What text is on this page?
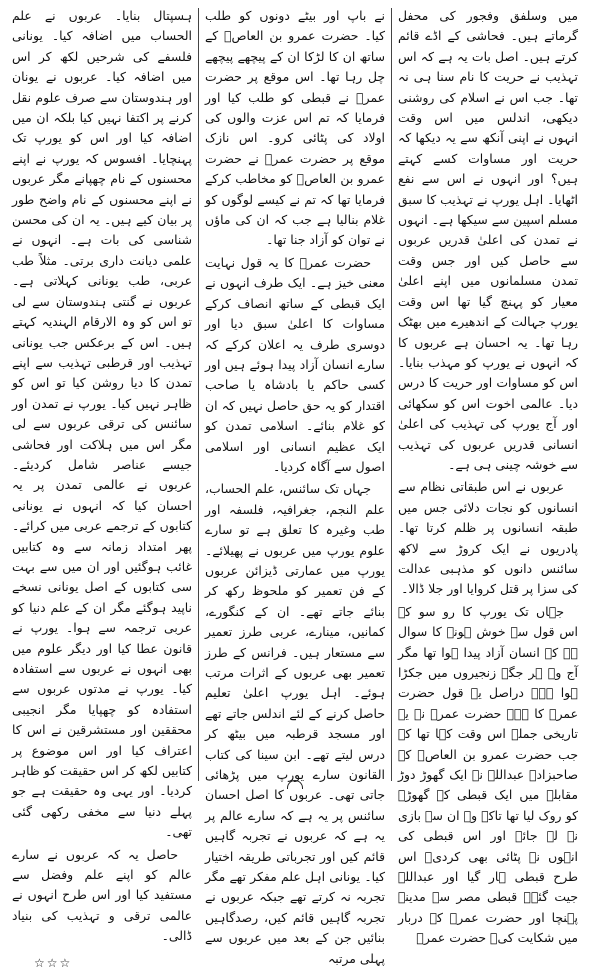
ہسپتال بنایا۔ عربوں نے علم الحساب میں اضافہ کیا۔ یونانی فلسفے کی شرحیں لکھ کر اس میں اضافہ کیا۔ عربوں نے یونان اور ہندوستان سے صرف علوم نقل کرنے پر اکتفا نہیں کیا بلکہ ان میں اضافہ کیا اور اس کو یورپ تک پہنچایا۔ افسوس کہ یورپ نے اپنے محسنوں کے نام چھپانے مگر عربوں نے اپنے محسنوں کے نام واضح طور پر بیان کیے ہیں۔ یہ ان کی محسن شناسی کی بات ہے۔ انہوں نے علمی دیانت داری برتی۔ مثلاً طب عربی، طب یونانی کہلاتی ہے۔ عربوں نے گنتی ہندوستان سے لی تو اس کو وہ الارقام الہندیہ کہتے ہیں۔ اس کے برعکس جب یونانی تہذیب اور قرطبی تہذیب سے اپنے تمدن کا دیا روشن کیا تو اس کو ظاہر نہیں کیا۔ یورپ نے تمدن اور سائنس کی ترقی عربوں سے لی مگر اس میں ہلاکت اور فحاشی جیسے عناصر شامل کردیئے۔ عربوں نے عالمی تمدن پر یہ احسان کیا کہ انہوں نے یونانی کتابوں کے ترجمے عربی میں کرائے۔ پھر امتداد زمانہ سے وہ کتابیں غائب ہوگئیں اور ان میں سے بہت سی کتابوں کے اصل یونانی نسخے ناپید ہوگئے مگر ان کے علم دنیا کو عربی ترجمہ سے ہوا۔ یورپ نے قانون عطا کیا اور دیگر علوم میں بھی انہوں نے عربوں سے استفادہ کیا۔ یورپ نے مدتوں عربوں سے استفادہ کو چھپایا مگر انجیبی محققین اور مستشرقین نے اس کا اعتراف کیا اور اس موضوع پر کتابیں لکھ کر اس حقیقت کو ظاہر کردیا۔ اور یہی وہ حقیقت ہے جو پہلے دنیا سے مخفی رکھی گئی تھی۔

حاصل یہ کہ عربوں نے سارے عالم کو اپنے علم وفضل سے مستفید کیا اور اس طرح انہوں نے عالمی ترقی و تہذیب کی بنیاد ڈالی۔

☆☆☆

نے باپ اور بیٹے دونوں کو طلب کیا۔ حضرت عمرو بن العاصؓ کے ساتھ ان کا لڑکا ان کے پیچھے پیچھے چل رہا تھا۔ اس موقع پر حضرت عمرؓ نے قبطی کو طلب کیا اور فرمایا کہ تم اس عزت والوں کی اولاد کی پٹائی کرو۔ اس نازک موقع پر حضرت عمرؓ نے حضرت عمرو بن العاصؓ کو مخاطب کرکے فرمایا تھا کہ تم نے کیسے لوگوں کو غلام بنالیا ہے جب کہ ان کی ماؤں نے توان کو آزاد جنا تھا۔

حضرت عمرؓ کا یہ قول نہایت معنی خیز ہے۔ ایک طرف انہوں نے ایک قبطی کے ساتھ انصاف کرکے مساوات کا اعلیٰ سبق دیا اور دوسری طرف یہ اعلان کرکے کہ سارے انسان آزاد پیدا ہوئے ہیں اور کسی حاکم یا بادشاہ یا صاحب اقتدار کو یہ حق حاصل نہیں کہ ان کو غلام بنائے۔ اسلامی تمدن کو ایک عظیم انسانی اور اسلامی اصول سے آگاہ کردیا۔

جہاں تک سائنس، علم الحساب، علم النجم، جغرافیہ، فلسفہ اور طب وغیرہ کا تعلق ہے تو سارے علوم یورپ میں عربوں نے پھیلائے۔ یورپ میں عمارتی ڈیزائن عربوں کے فن تعمیر کو ملحوظ رکھ کر بنائے جاتے تھے۔ ان کے کنگورے، کمانیں، مینارے، عربی طرز تعمیر سے مستعار ہیں۔ فرانس کے طرز تعمیر بھی عربوں کے اثرات مرتب ہوئے۔ اہل یورپ اعلیٰ تعلیم حاصل کرنے کے لئے اندلس جاتے تھے اور مسجد قرطبہ میں بیٹھ کر درس لیتے تھے۔ ابن سینا کی کتاب القانون سارے یورپ میں پڑھائی جاتی تھی۔ عربوں کا اصل احسان سائنس پر یہ ہے کہ سارے عالم پر یہ ہے کہ عربوں نے تجربہ گاہیں قائم کیں اور تجرباتی طریقہ اختیار کیا۔ یونانی اہل علم مفکر تھے مگر تجربہ نہ کرتے تھے جبکہ عربوں نے تجربہ گاہیں قائم کیں، رصدگاہیں بنائیں جن کے بعد میں عربوں سے پہلی مرتبہ

میں وسلفق وفجور کی محفل گرماتے ہیں۔ فحاشی کے اڈے قائم کرتے ہیں۔ اصل بات یہ ہے کہ اس تہذیب نے حریت کا نام سنا ہی نہ تھا۔ جب اس نے اسلام کی روشنی دیکھی، اندلس میں اس وقت انہوں نے اپنی آنکھ سے یہ دیکھا کہ حریت اور مساوات کسے کہتے ہیں؟ اور انہوں نے اس سے نفع اٹھایا۔ اہل یورپ نے تہذیب کا سبق مسلم اسپین سے سیکھا ہے۔ انہوں نے تمدن کی اعلیٰ قدریں عربوں سے حاصل کیں اور جس وقت تمدن مسلمانوں میں اپنے اعلیٰ معیار کو پہنچ گیا تھا اس وقت یورپ جہالت کے اندھیرے میں بھٹک رہا تھا۔ یہ احسان ہے عربوں کا کہ انہوں نے یورپ کو مہذب بنایا۔ اس کو مساوات اور حریت کا درس دیا۔ عالمی اخوت اس کو سکھائی اور آج یورپ کی تہذیب کی اعلیٰ انسانی قدریں عربوں کی تہذیب سے خوشہ چینی ہی ہے۔

عربوں نے اس طبقاتی نظام سے انسانوں کو نجات دلائی جس میں طبقہ انسانوں پر ظلم کرتا تھا۔ پادریوں نے ایک کروڑ سے لاکھ سائنس دانوں کو مذہبی عدالت کی سزا پر قتل کروایا اور جلا ڈالا۔

جہاں تک یورپ کا رو سو کے اس قول سے خوش ہونے کا سوال ہے کہ انسان آزاد پیدا ہوا تھا مگر آج وہ ہر جگہ زنجیروں میں جکڑا ہوا ہے۔ دراصل یہ قول حضرت عمرؓ کا ہے۔ حضرت عمرؓ نے یہ تاریخی جملہ اس وقت کہا تھا کہ جب حضرت عمرو بن العاصؓ کے صاحبزادے عبداللہ نے ایک گھوڑ دوڑ مقابلہ میں ایک قبطی کے گھوڑے کو روک لیا تھا تاکہ وہ ان سے بازی نہ لے جائے اور اس قبطی کی انہوں نے پٹائی بھی کردی۔ اس طرح قبطی ہار گیا اور عبداللہ جیت گئے۔ قبطی مصر سے مدینہ پہنچا اور حضرت عمرؓ کے دربار میں شکایت کی۔ حضرت عمرؓ
